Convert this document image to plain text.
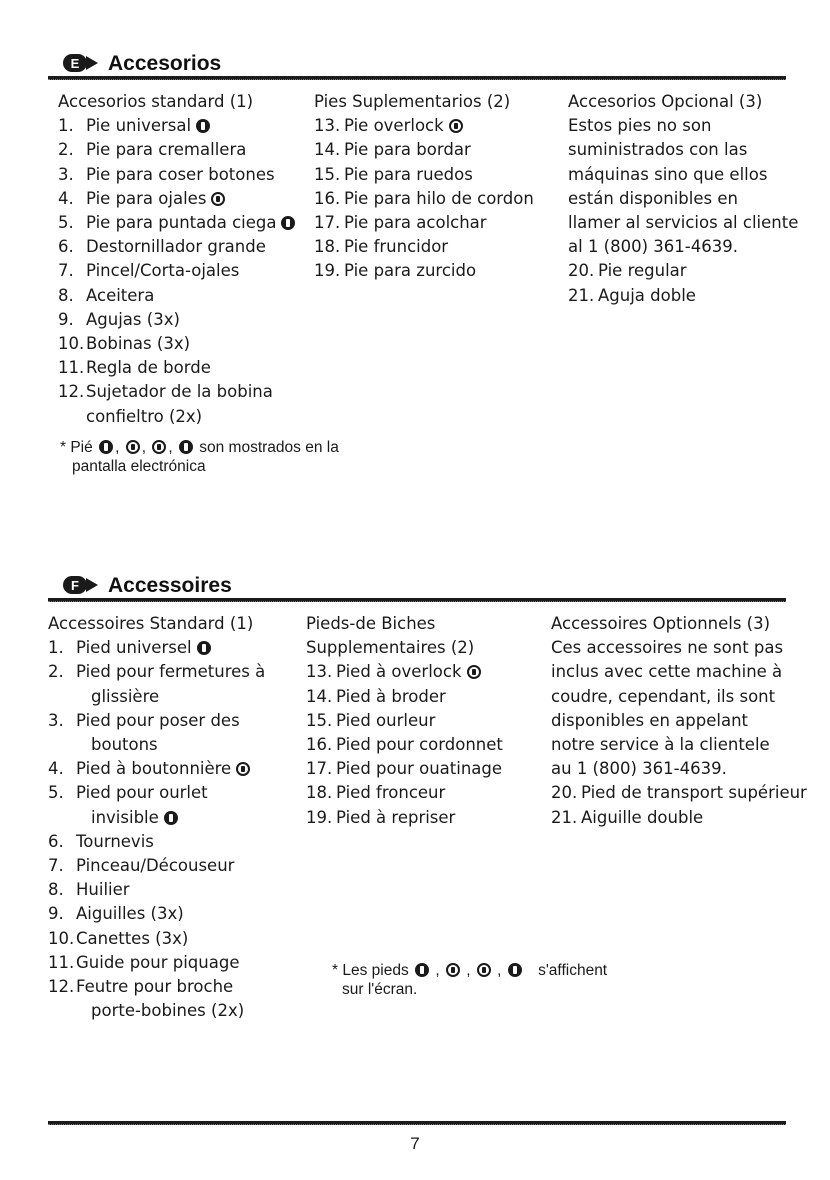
E Accesorios
Accesorios standard (1)
1. Pie universal
2. Pie para cremallera
3. Pie para coser botones
4. Pie para ojales
5. Pie para puntada ciega
6. Destornillador grande
7. Pincel/Corta-ojales
8. Aceitera
9. Agujas (3x)
10. Bobinas (3x)
11. Regla de borde
12. Sujetador de la bobina
confieltro (2x)
Pies Suplementarios (2)
13. Pie overlock
14. Pie para bordar
15. Pie para ruedos
16. Pie para hilo de cordon
17. Pie para acolchar
18. Pie fruncidor
19. Pie para zurcido
Accesorios Opcional (3)
Estos pies no son
suministrados con las
máquinas sino que ellos
están disponibles en
llamer al servicios al cliente
al 1 (800) 361-4639.
20. Pie regular
21. Aguja doble
* Pié , , ,  son mostrados en la
pantalla electrónica
F Accessoires
Accessoires Standard (1)
1. Pied universel
2. Pied pour fermetures à
glissière
3. Pied pour poser des
boutons
4. Pied à boutonnière
5. Pied pour ourlet
invisible
6. Tournevis
7. Pinceau/Découseur
8. Huilier
9. Aiguilles (3x)
10. Canettes (3x)
11. Guide pour piquage
12. Feutre pour broche
porte-bobines (2x)
Pieds-de Biches
Supplementaires (2)
13. Pied à overlock
14. Pied à broder
15. Pied ourleur
16. Pied pour cordonnet
17. Pied pour ouatinage
18. Pied fronceur
19. Pied à repriser
Accessoires Optionnels (3)
Ces accessoires ne sont pas
inclus avec cette machine à
coudre, cependant, ils sont
disponibles en appelant
notre service à la clientele
au 1 (800) 361-4639.
20. Pied de transport supérieur
21. Aiguille double
* Les pieds  ,  ,  ,  s'affichent
sur l'écran.
7
